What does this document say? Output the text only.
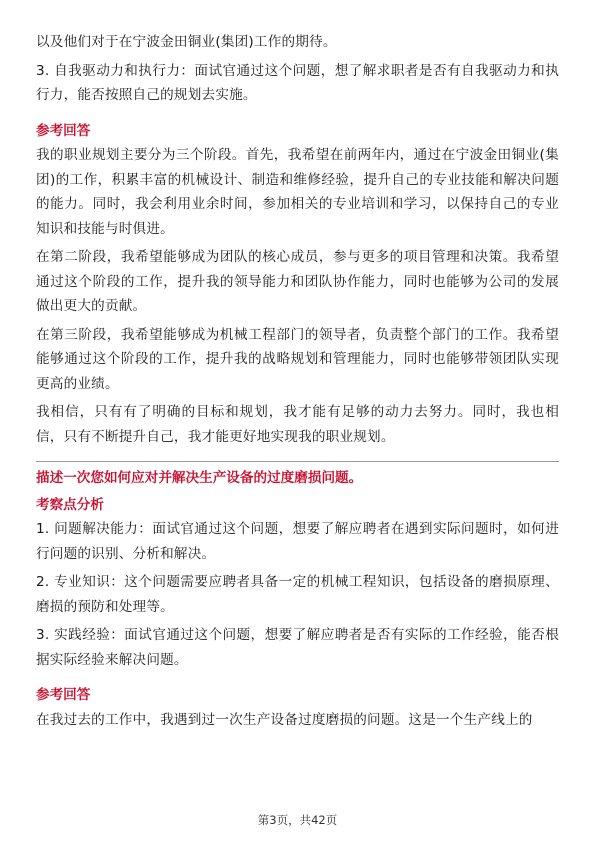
以及他们对于在宁波金田铜业(集团)工作的期待。

3. 自我驱动力和执行力：面试官通过这个问题，想了解求职者是否有自我驱动力和执行力，能否按照自己的规划去实施。

参考回答

我的职业规划主要分为三个阶段。首先，我希望在前两年内，通过在宁波金田铜业(集团)的工作，积累丰富的机械设计、制造和维修经验，提升自己的专业技能和解决问题的能力。同时，我会利用业余时间，参加相关的专业培训和学习，以保持自己的专业知识和技能与时俱进。

在第二阶段，我希望能够成为团队的核心成员，参与更多的项目管理和决策。我希望通过这个阶段的工作，提升我的领导能力和团队协作能力，同时也能够为公司的发展做出更大的贡献。

在第三阶段，我希望能够成为机械工程部门的领导者，负责整个部门的工作。我希望能够通过这个阶段的工作，提升我的战略规划和管理能力，同时也能够带领团队实现更高的业绩。

我相信，只有有了明确的目标和规划，我才能有足够的动力去努力。同时，我也相信，只有不断提升自己，我才能更好地实现我的职业规划。

描述一次您如何应对并解决生产设备的过度磨损问题。
考察点分析

1. 问题解决能力：面试官通过这个问题，想要了解应聘者在遇到实际问题时，如何进行问题的识别、分析和解决。

2. 专业知识：这个问题需要应聘者具备一定的机械工程知识，包括设备的磨损原理、磨损的预防和处理等。

3. 实践经验：面试官通过这个问题，想要了解应聘者是否有实际的工作经验，能否根据实际经验来解决问题。

参考回答

在我过去的工作中，我遇到过一次生产设备过度磨损的问题。这是一个生产线上的

第3页，共42页
